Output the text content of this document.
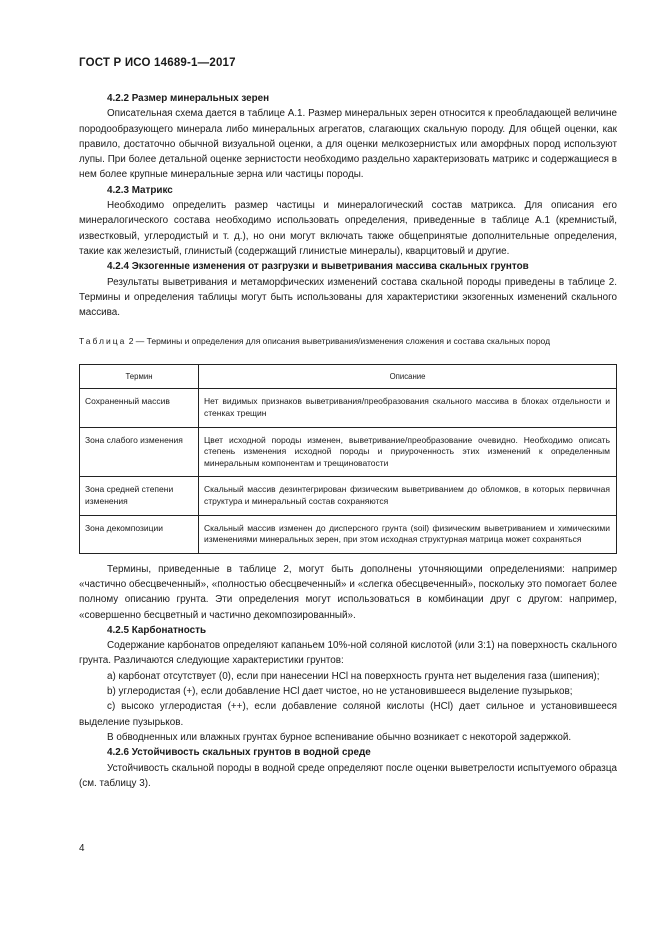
ГОСТ Р ИСО 14689-1—2017

4.2.2 Размер минеральных зерен

Описательная схема дается в таблице А.1. Размер минеральных зерен относится к преобладающей величине породообразующего минерала либо минеральных агрегатов, слагающих скальную породу. Для общей оценки, как правило, достаточно обычной визуальной оценки, а для оценки мелкозернистых или аморфных пород используют лупы. При более детальной оценке зернистости необходимо раздельно характеризовать матрикс и содержащиеся в нем более крупные минеральные зерна или частицы породы.

4.2.3 Матрикс

Необходимо определить размер частицы и минералогический состав матрикса. Для описания его минералогического состава необходимо использовать определения, приведенные в таблице А.1 (кремнистый, известковый, углеродистый и т. д.), но они могут включать также общепринятые дополнительные определения, такие как железистый, глинистый (содержащий глинистые минералы), кварцитовый и другие.

4.2.4 Экзогенные изменения от разгрузки и выветривания массива скальных грунтов

Результаты выветривания и метаморфических изменений состава скальной породы приведены в таблице 2. Термины и определения таблицы могут быть использованы для характеристики экзогенных изменений скального массива.

Таблица 2 — Термины и определения для описания выветривания/изменения сложения и состава скальных пород
Термин	Описание
Сохраненный массив	Нет видимых признаков выветривания/преобразования скального массива в блоках отдельности и стенках трещин
Зона слабого изменения	Цвет исходной породы изменен, выветривание/преобразование очевидно. Необходимо описать степень изменения исходной породы и приуроченность этих изменений к определенным минеральным компонентам и трещиноватости
Зона средней степени изменения	Скальный массив дезинтегрирован физическим выветриванием до обломков, в которых первичная структура и минеральный состав сохраняются
Зона декомпозиции	Скальный массив изменен до дисперсного грунта (soil) физическим выветриванием и химическими изменениями минеральных зерен, при этом исходная структурная матрица может сохраняться

Термины, приведенные в таблице 2, могут быть дополнены уточняющими определениями: например «частично обесцвеченный», «полностью обесцвеченный» и «слегка обесцвеченный», поскольку это помогает более полному описанию грунта. Эти определения могут использоваться в комбинации друг с другом: например, «совершенно бесцветный и частично декомпозированный».

4.2.5 Карбонатность

Содержание карбонатов определяют капаньем 10%-ной соляной кислотой (или 3:1) на поверхность скального грунта. Различаются следующие характеристики грунтов:

a) карбонат отсутствует (0), если при нанесении HCl на поверхность грунта нет выделения газа (шипения);

b) углеродистая (+), если добавление HCl дает чистое, но не установившееся выделение пузырьков;

c) высоко углеродистая (++), если добавление соляной кислоты (HCl) дает сильное и установившееся выделение пузырьков.

В обводненных или влажных грунтах бурное вспенивание обычно возникает с некоторой задержкой.

4.2.6 Устойчивость скальных грунтов в водной среде

Устойчивость скальной породы в водной среде определяют после оценки выветрелости испытуемого образца (см. таблицу 3).

4
